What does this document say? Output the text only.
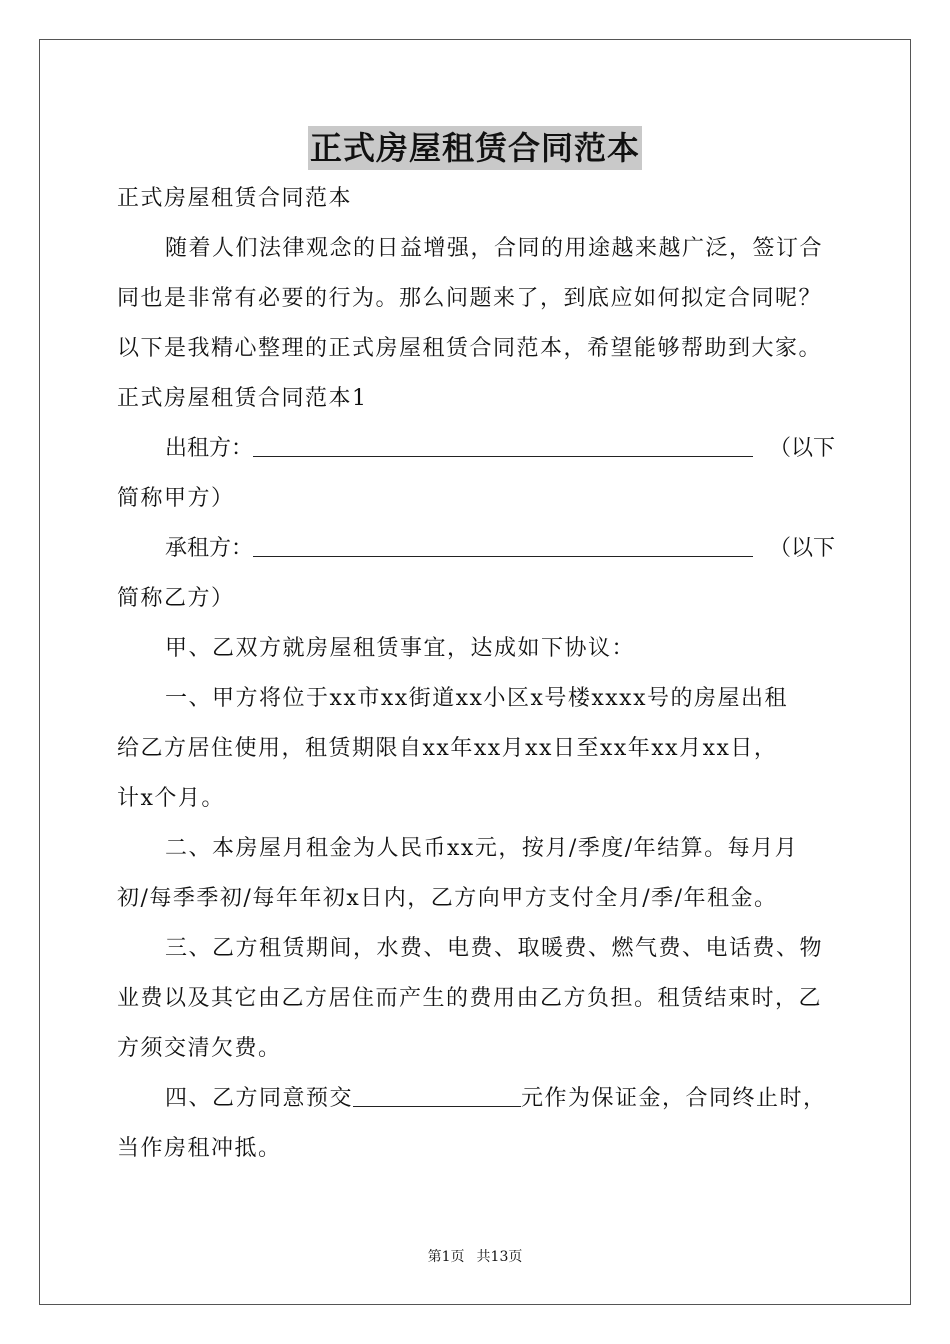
正式房屋租赁合同范本
正式房屋租赁合同范本
随着人们法律观念的日益增强，合同的用途越来越广泛，签订合
同也是非常有必要的行为。那么问题来了，到底应如何拟定合同呢？
以下是我精心整理的正式房屋租赁合同范本，希望能够帮助到大家。
正式房屋租赁合同范本1
出租方：	（以下
简称甲方）
承租方：	（以下
简称乙方）
甲、乙双方就房屋租赁事宜，达成如下协议：
一、甲方将位于xx市xx街道xx小区x号楼xxxx号的房屋出租
给乙方居住使用，租赁期限自xx年xx月xx日至xx年xx月xx日，
计x个月。
二、本房屋月租金为人民币xx元，按月/季度/年结算。每月月
初/每季季初/每年年初x日内，乙方向甲方支付全月/季/年租金。
三、乙方租赁期间，水费、电费、取暖费、燃气费、电话费、物
业费以及其它由乙方居住而产生的费用由乙方负担。租赁结束时，乙
方须交清欠费。
四、乙方同意预交	元作为保证金，合同终止时，
当作房租冲抵。
第1页 共13页
